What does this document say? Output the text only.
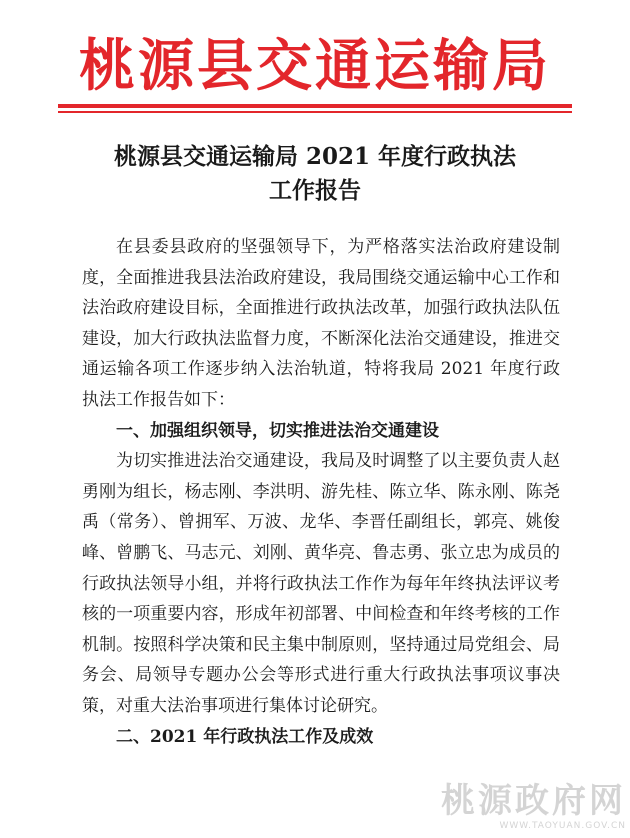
桃源县交通运输局
桃源县交通运输局 2021 年度行政执法
工作报告

在县委县政府的坚强领导下，为严格落实法治政府建设制度，全面推进我县法治政府建设，我局围绕交通运输中心工作和法治政府建设目标，全面推进行政执法改革，加强行政执法队伍建设，加大行政执法监督力度，不断深化法治交通建设，推进交通运输各项工作逐步纳入法治轨道，特将我局 2021 年度行政执法工作报告如下：

一、加强组织领导，切实推进法治交通建设

为切实推进法治交通建设，我局及时调整了以主要负责人赵勇刚为组长，杨志刚、李洪明、游先桂、陈立华、陈永刚、陈尧禹（常务）、曾拥军、万波、龙华、李晋任副组长，郭亮、姚俊峰、曾鹏飞、马志元、刘刚、黄华亮、鲁志勇、张立忠为成员的行政执法领导小组，并将行政执法工作作为每年年终执法评议考核的一项重要内容，形成年初部署、中间检查和年终考核的工作机制。按照科学决策和民主集中制原则，坚持通过局党组会、局务会、局领导专题办公会等形式进行重大行政执法事项议事决策，对重大法治事项进行集体讨论研究。

二、2021 年行政执法工作及成效
桃源政府网
WWW.TAOYUAN.GOV.CN
